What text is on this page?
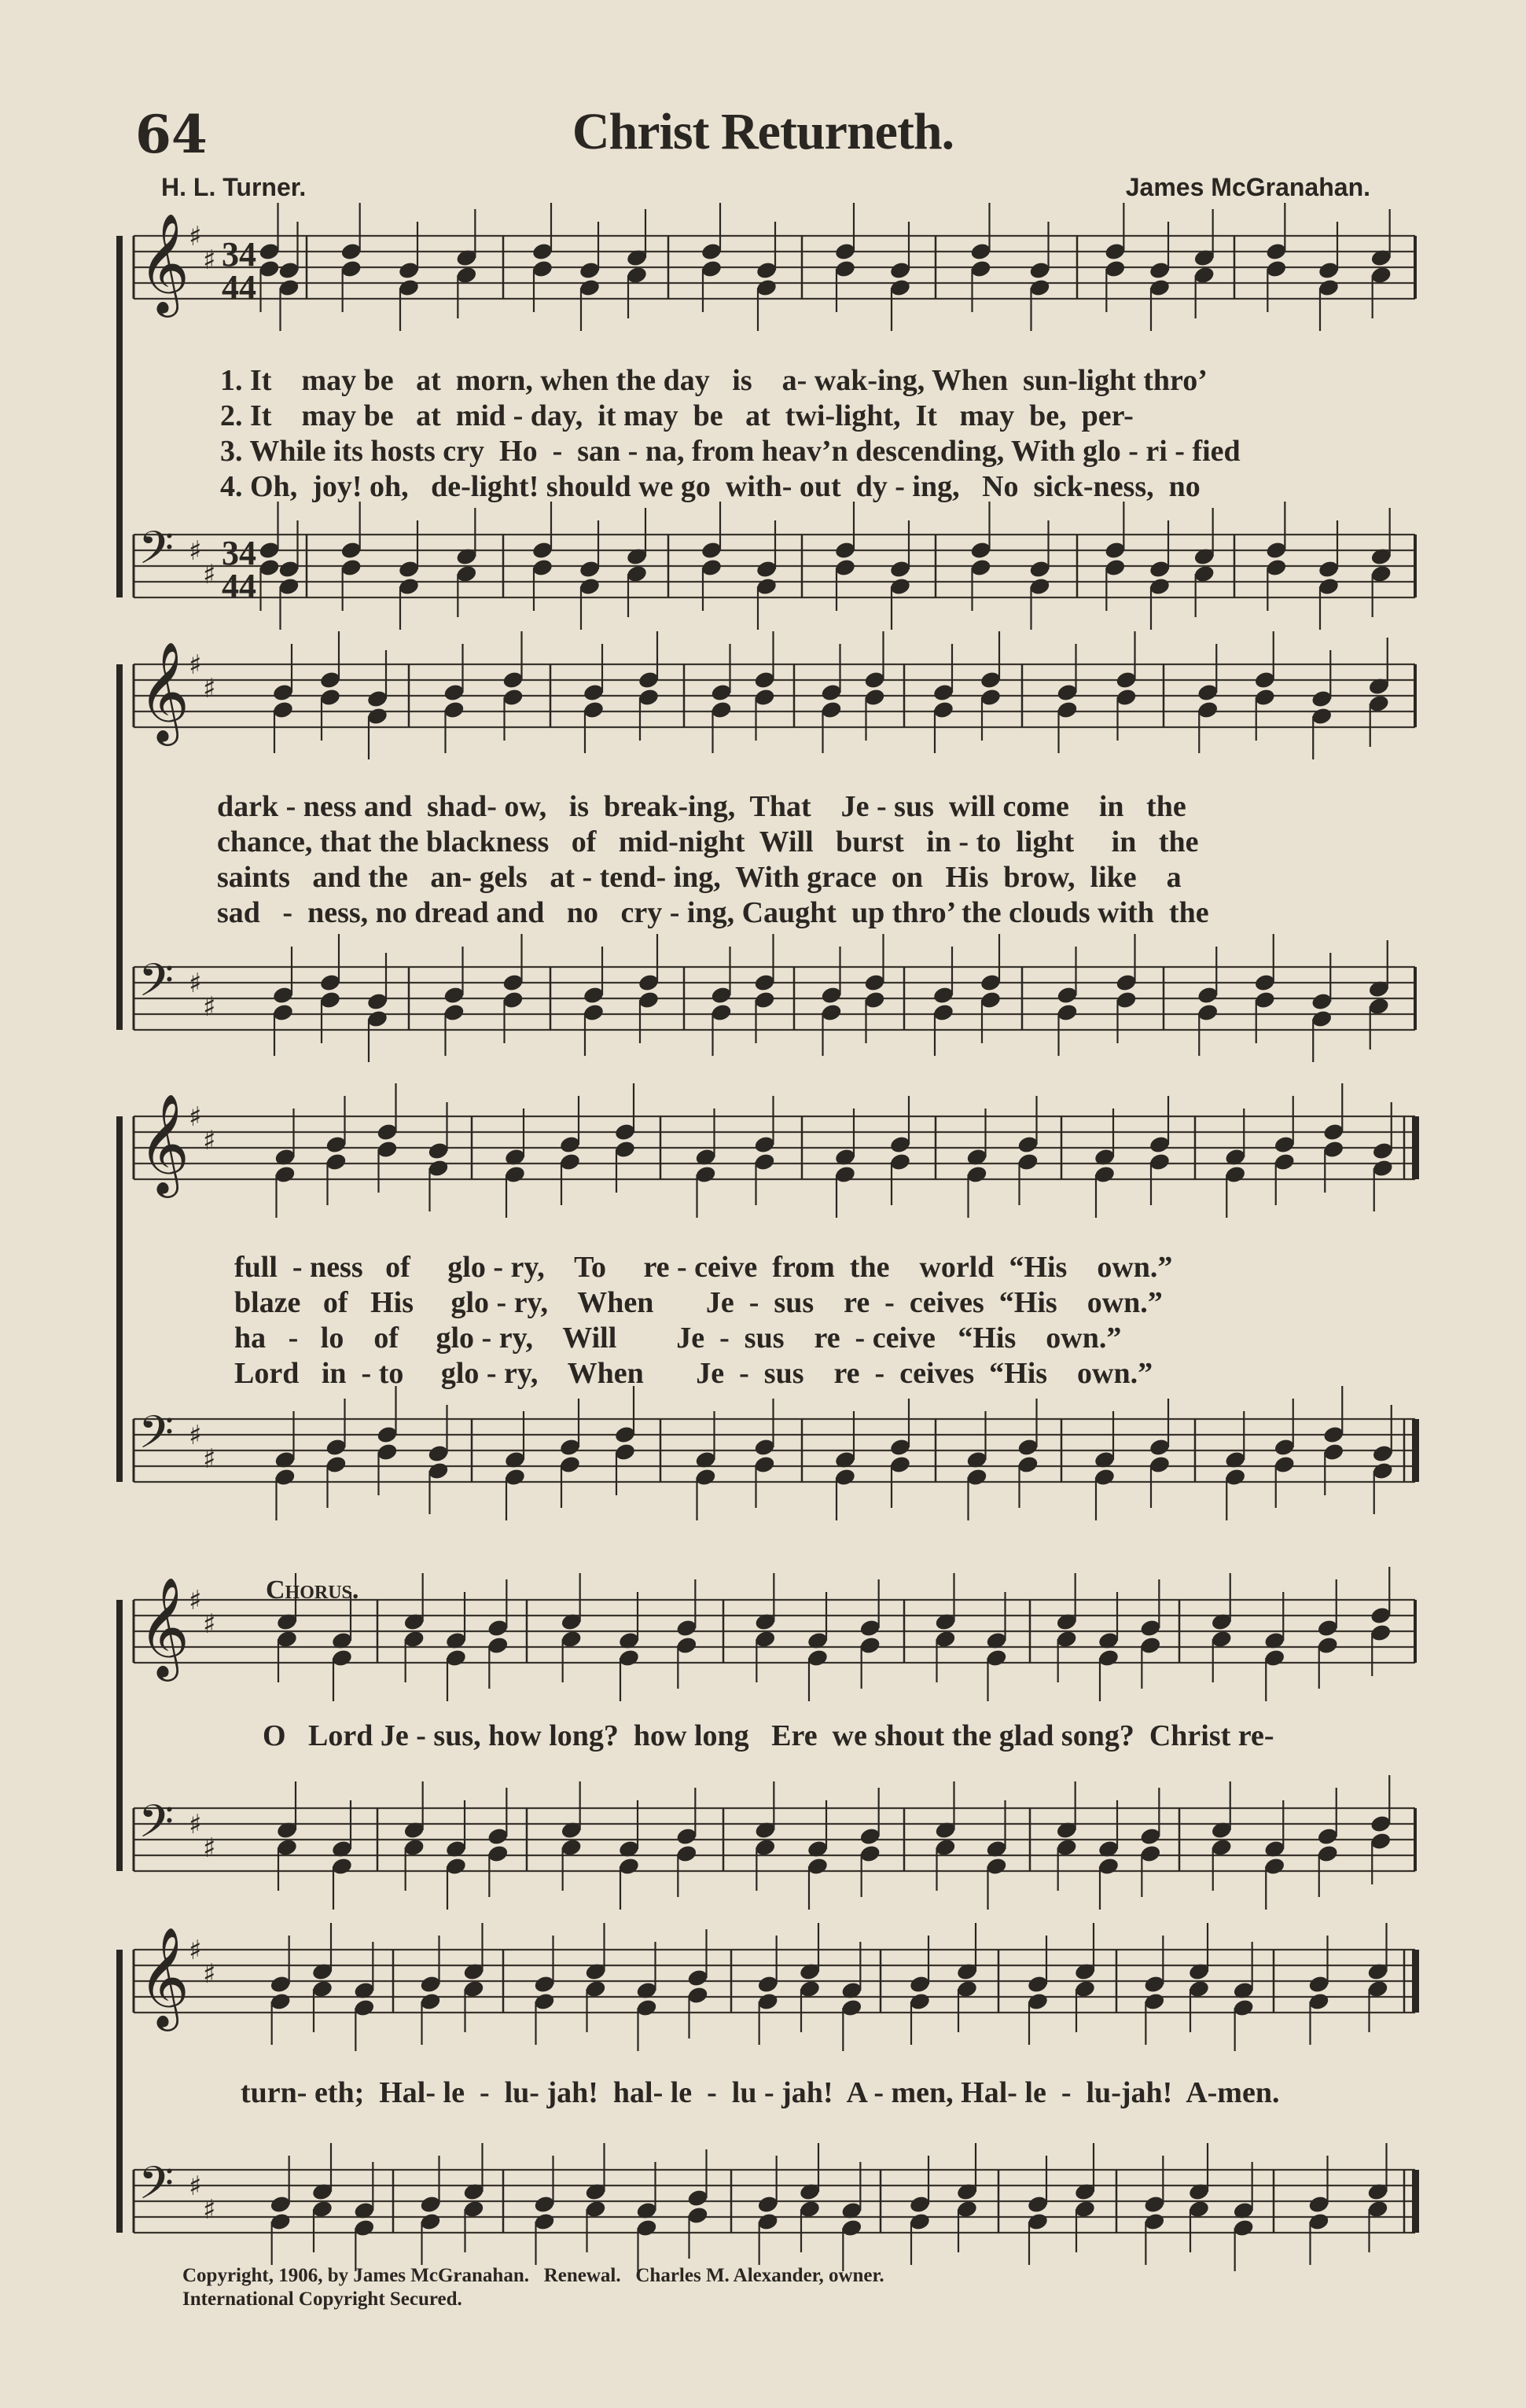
64	Christ Returneth.
H. L. Turner.	James McGranahan.
𝄞
♯
♯
𝄢 ♯
♯
𝄞
♯
♯
𝄢 ♯
♯
𝄞
♯
♯
𝄢 ♯
♯
𝄞
♯
♯
𝄢 ♯
♯
𝄞
♯
♯
𝄢 ♯
♯
34
44
34
44
1. It    may be   at  morn, when the day   is    a- wak-ing, When  sun-light thro’
2. It    may be   at  mid - day,  it may  be   at  twi-light,  It   may  be,  per-
3. While its hosts cry  Ho  -  san - na, from heav’n descending, With glo - ri - fied
4. Oh,  joy! oh,   de-light! should we go  with- out  dy - ing,   No  sick-ness,  no
dark - ness and  shad- ow,   is  break-ing,  That    Je - sus  will come    in   the
chance, that the blackness   of   mid-night  Will   burst   in - to  light     in   the
saints   and the   an- gels   at - tend- ing,  With grace  on   His  brow,  like    a
sad   -  ness, no dread and   no   cry - ing, Caught  up thro’ the clouds with  the
full  - ness   of     glo - ry,    To     re - ceive  from  the    world  “His    own.”
blaze   of   His     glo - ry,    When       Je  -  sus    re  -  ceives  “His    own.”
ha   -   lo    of     glo - ry,    Will        Je  -  sus    re  - ceive   “His    own.”
Lord   in  - to     glo - ry,    When       Je  -  sus    re  -  ceives  “His    own.”
Chorus.
O   Lord Je - sus, how long?  how long   Ere  we shout the glad song?  Christ re-
turn- eth;  Hal- le  -  lu- jah!  hal- le  -  lu - jah!  A - men, Hal- le  -  lu-jah!  A-men.
Copyright, 1906, by James McGranahan.   Renewal.   Charles M. Alexander, owner.
International Copyright Secured.
